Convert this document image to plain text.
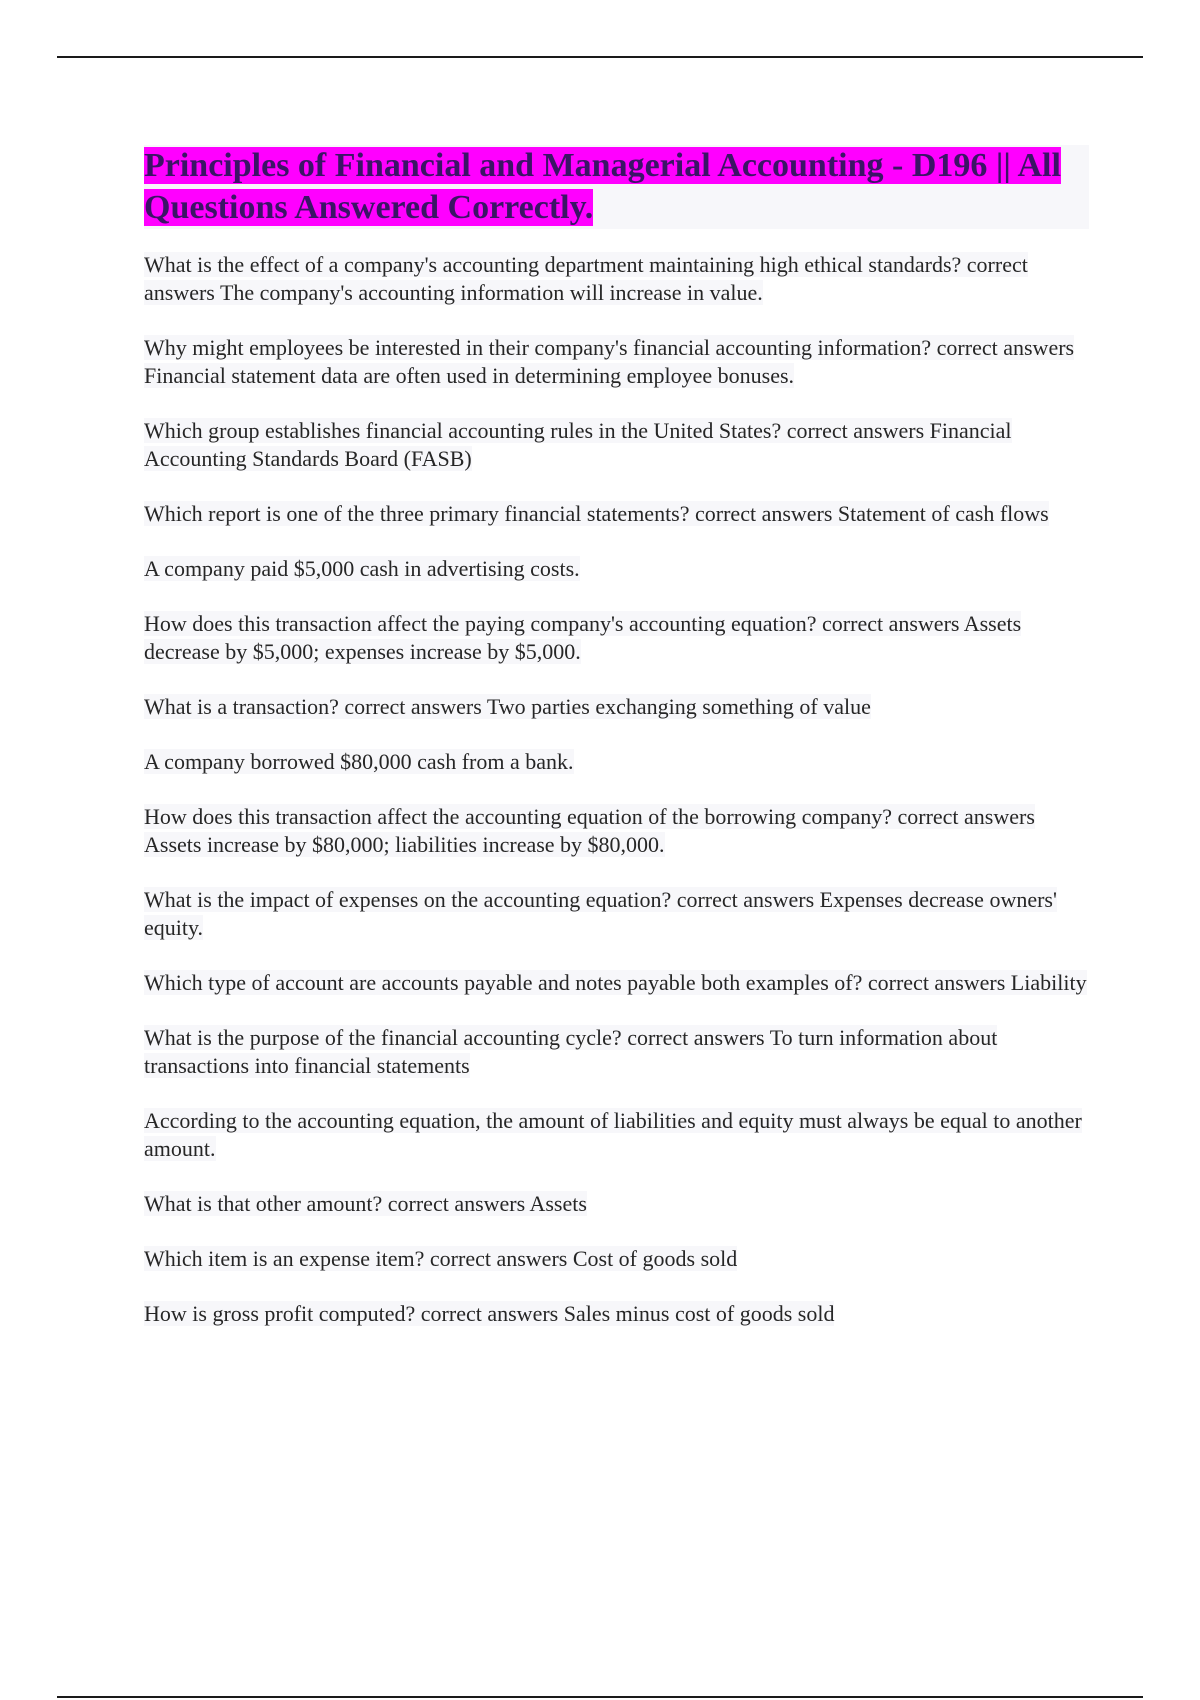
Principles of Financial and Managerial Accounting - D196 || All Questions Answered Correctly.

What is the effect of a company's accounting department maintaining high ethical standards? correct answers The company's accounting information will increase in value.

Why might employees be interested in their company's financial accounting information? correct answers Financial statement data are often used in determining employee bonuses.

Which group establishes financial accounting rules in the United States? correct answers Financial Accounting Standards Board (FASB)

Which report is one of the three primary financial statements? correct answers Statement of cash flows

A company paid $5,000 cash in advertising costs.

How does this transaction affect the paying company's accounting equation? correct answers Assets decrease by $5,000; expenses increase by $5,000.

What is a transaction? correct answers Two parties exchanging something of value

A company borrowed $80,000 cash from a bank.

How does this transaction affect the accounting equation of the borrowing company? correct answers Assets increase by $80,000; liabilities increase by $80,000.

What is the impact of expenses on the accounting equation? correct answers Expenses decrease owners' equity.

Which type of account are accounts payable and notes payable both examples of? correct answers Liability

What is the purpose of the financial accounting cycle? correct answers To turn information about transactions into financial statements

According to the accounting equation, the amount of liabilities and equity must always be equal to another amount.

What is that other amount? correct answers Assets

Which item is an expense item? correct answers Cost of goods sold

How is gross profit computed? correct answers Sales minus cost of goods sold
